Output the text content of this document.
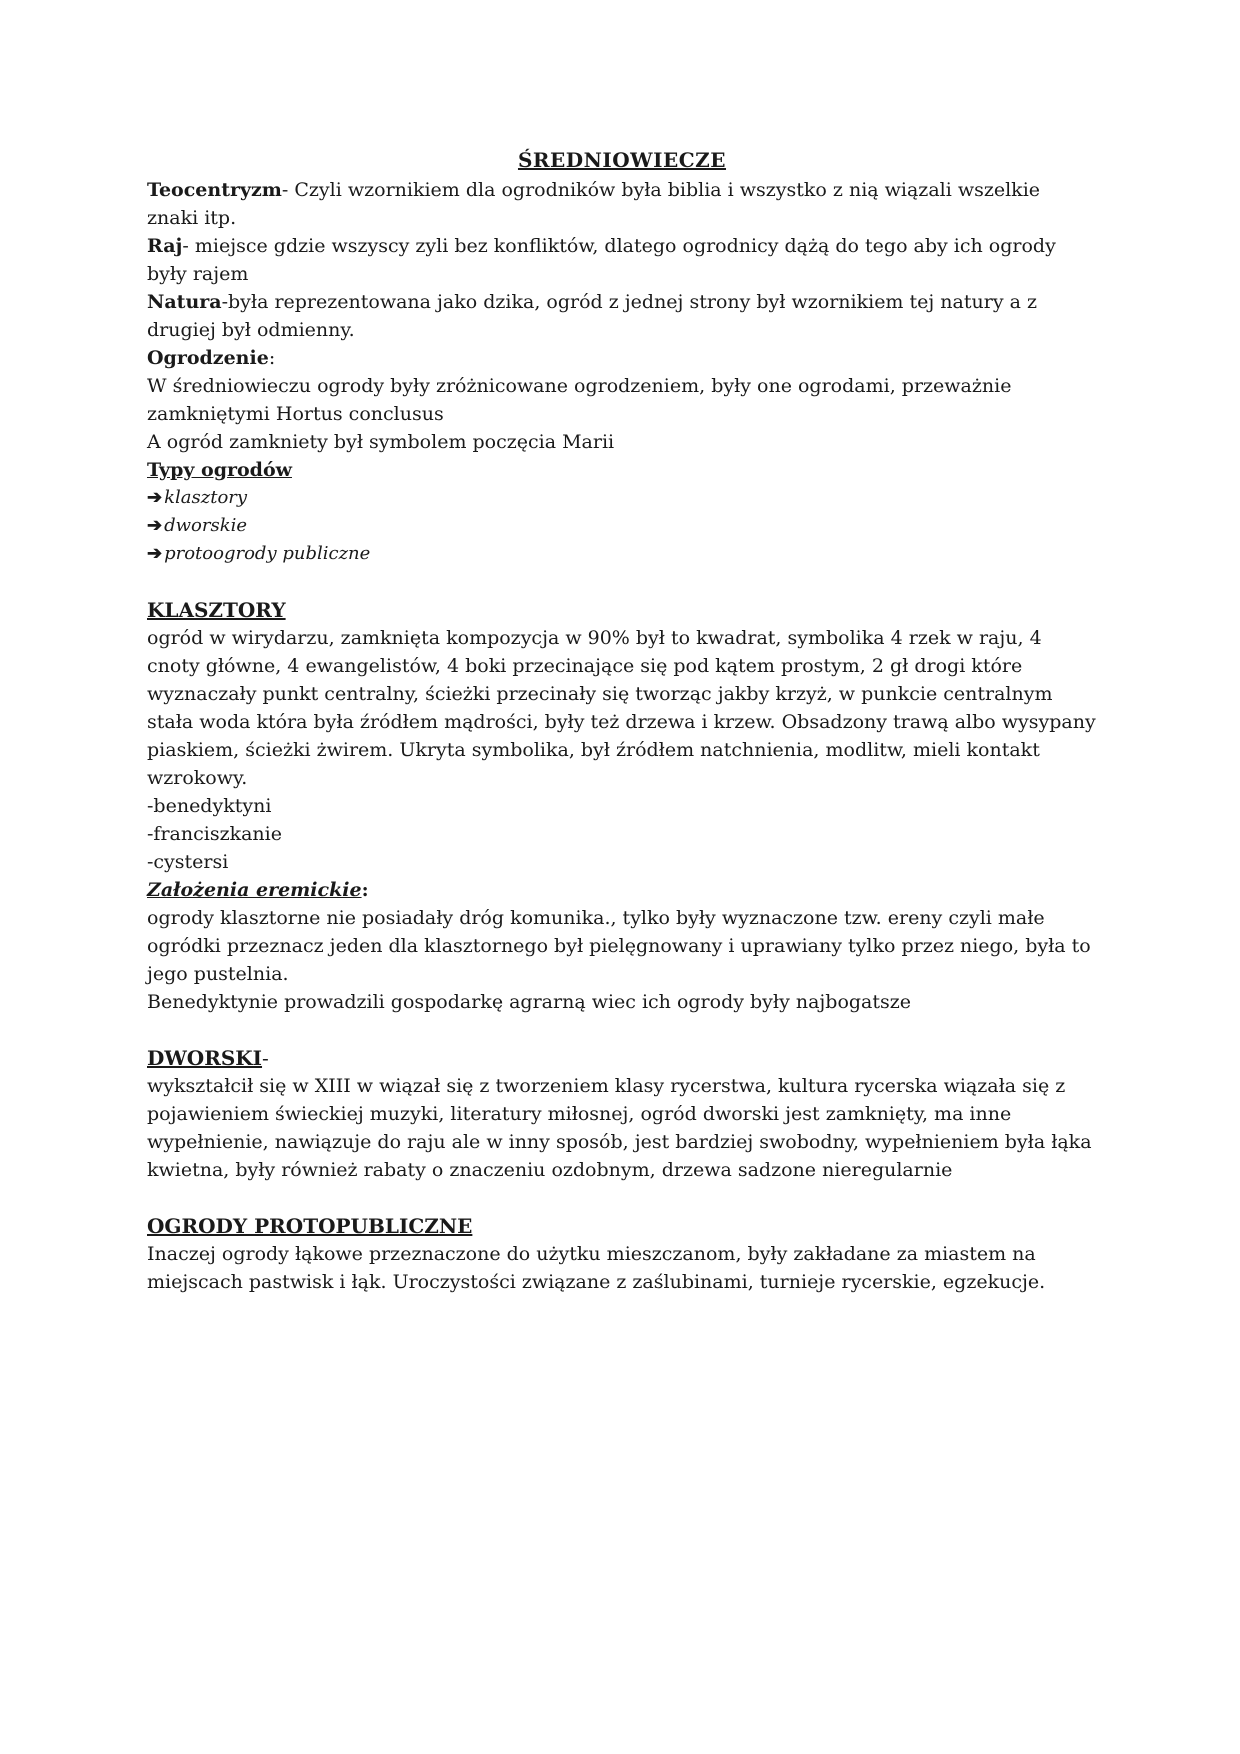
ŚREDNIOWIECZE

Teocentryzm- Czyli wzornikiem dla ogrodników była biblia i wszystko z nią wiązali wszelkie znaki itp.

Raj- miejsce gdzie wszyscy zyli bez konfliktów, dlatego ogrodnicy dążą do tego aby ich ogrody były rajem

Natura-była reprezentowana jako dzika, ogród z jednej strony był wzornikiem tej natury a z drugiej był odmienny.

Ogrodzenie:

W średniowieczu ogrody były zróżnicowane ogrodzeniem, były one ogrodami, przeważnie zamkniętymi Hortus conclusus

A ogród zamkniety był symbolem poczęcia Marii

Typy ogrodów

➔ klasztory

➔ dworskie

➔ protoogrody publiczne

KLASZTORY

ogród w wirydarzu, zamknięta kompozycja w 90% był to kwadrat, symbolika 4 rzek w raju, 4 cnoty główne, 4 ewangelistów, 4 boki przecinające się pod kątem prostym, 2 gł drogi które wyznaczały punkt centralny, ścieżki przecinały się tworząc jakby krzyż, w punkcie centralnym stała woda która była źródłem mądrości, były też drzewa i krzew. Obsadzony trawą albo wysypany piaskiem, ścieżki żwirem. Ukryta symbolika, był źródłem natchnienia, modlitw, mieli kontakt wzrokowy.

-benedyktyni

-franciszkanie

-cystersi

Założenia eremickie:

ogrody klasztorne nie posiadały dróg komunika., tylko były wyznaczone tzw. ereny czyli małe ogródki przeznacz jeden dla klasztornego był pielęgnowany i uprawiany tylko przez niego, była to jego pustelnia.

Benedyktynie prowadzili gospodarkę agrarną wiec ich ogrody były najbogatsze

DWORSKI-

wykształcił się w XIII w wiązał się z tworzeniem klasy rycerstwa, kultura rycerska wiązała się z pojawieniem świeckiej muzyki, literatury miłosnej, ogród dworski jest zamknięty, ma inne wypełnienie, nawiązuje do raju ale w inny sposób, jest bardziej swobodny, wypełnieniem była łąka kwietna, były również rabaty o znaczeniu ozdobnym, drzewa sadzone nieregularnie

OGRODY PROTOPUBLICZNE

Inaczej ogrody łąkowe przeznaczone do użytku mieszczanom, były zakładane za miastem na miejscach pastwisk i łąk. Uroczystości związane z zaślubinami, turnieje rycerskie, egzekucje.
